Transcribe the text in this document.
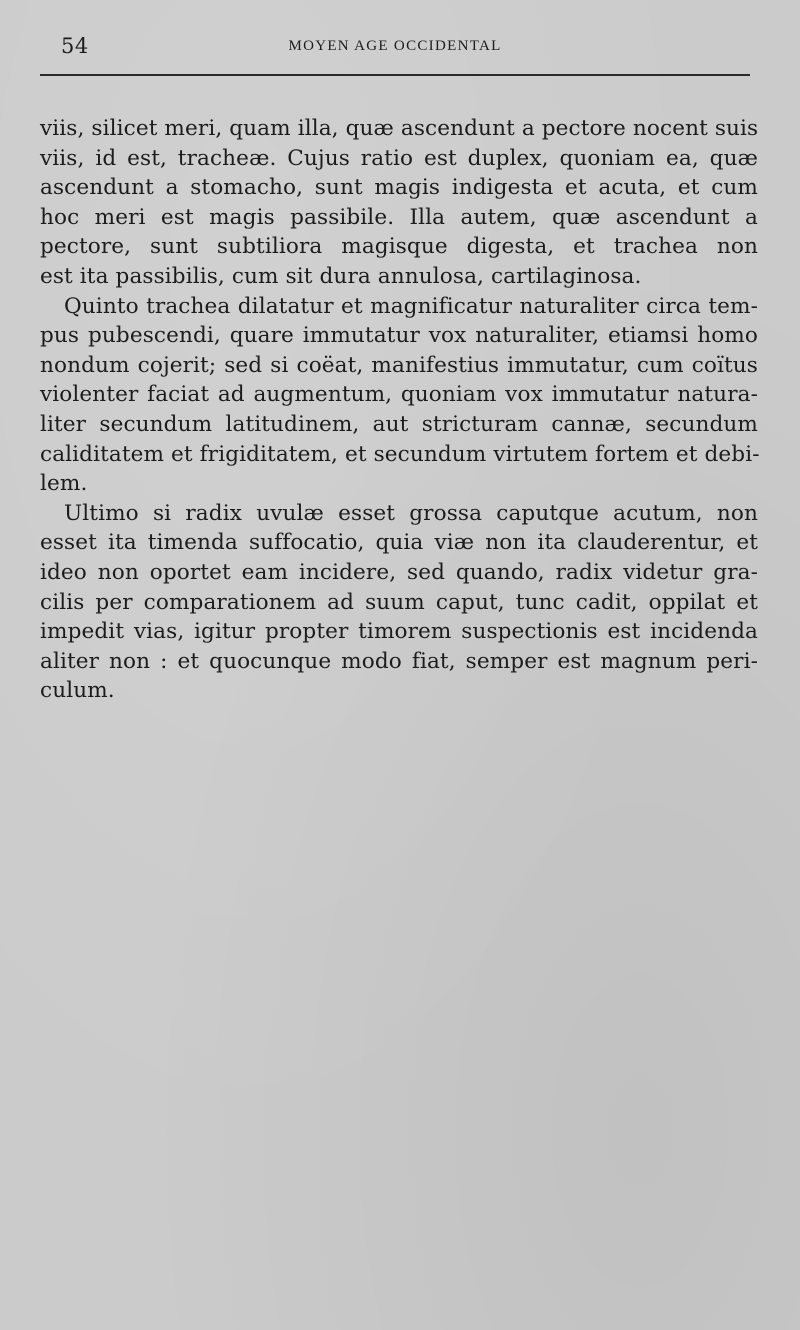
54	MOYEN AGE OCCIDENTAL
viis, silicet meri, quam illa, quæ ascendunt a pectore nocent suis
viis, id est, tracheæ. Cujus ratio est duplex, quoniam ea, quæ
ascendunt a stomacho, sunt magis indigesta et acuta, et cum
hoc meri est magis passibile. Illa autem, quæ ascendunt a
pectore, sunt subtiliora magisque digesta, et trachea non
est ita passibilis, cum sit dura annulosa, cartilaginosa.
Quinto trachea dilatatur et magnificatur naturaliter circa tem-
pus pubescendi, quare immutatur vox naturaliter, etiamsi homo
nondum cojerit; sed si coëat, manifestius immutatur, cum coïtus
violenter faciat ad augmentum, quoniam vox immutatur natura-
liter secundum latitudinem, aut stricturam cannæ, secundum
caliditatem et frigiditatem, et secundum virtutem fortem et debi-
lem.
Ultimo si radix uvulæ esset grossa caputque acutum, non
esset ita timenda suffocatio, quia viæ non ita clauderentur, et
ideo non oportet eam incidere, sed quando, radix videtur gra-
cilis per comparationem ad suum caput, tunc cadit, oppilat et
impedit vias, igitur propter timorem suspectionis est incidenda
aliter non : et quocunque modo fiat, semper est magnum peri-
culum.
